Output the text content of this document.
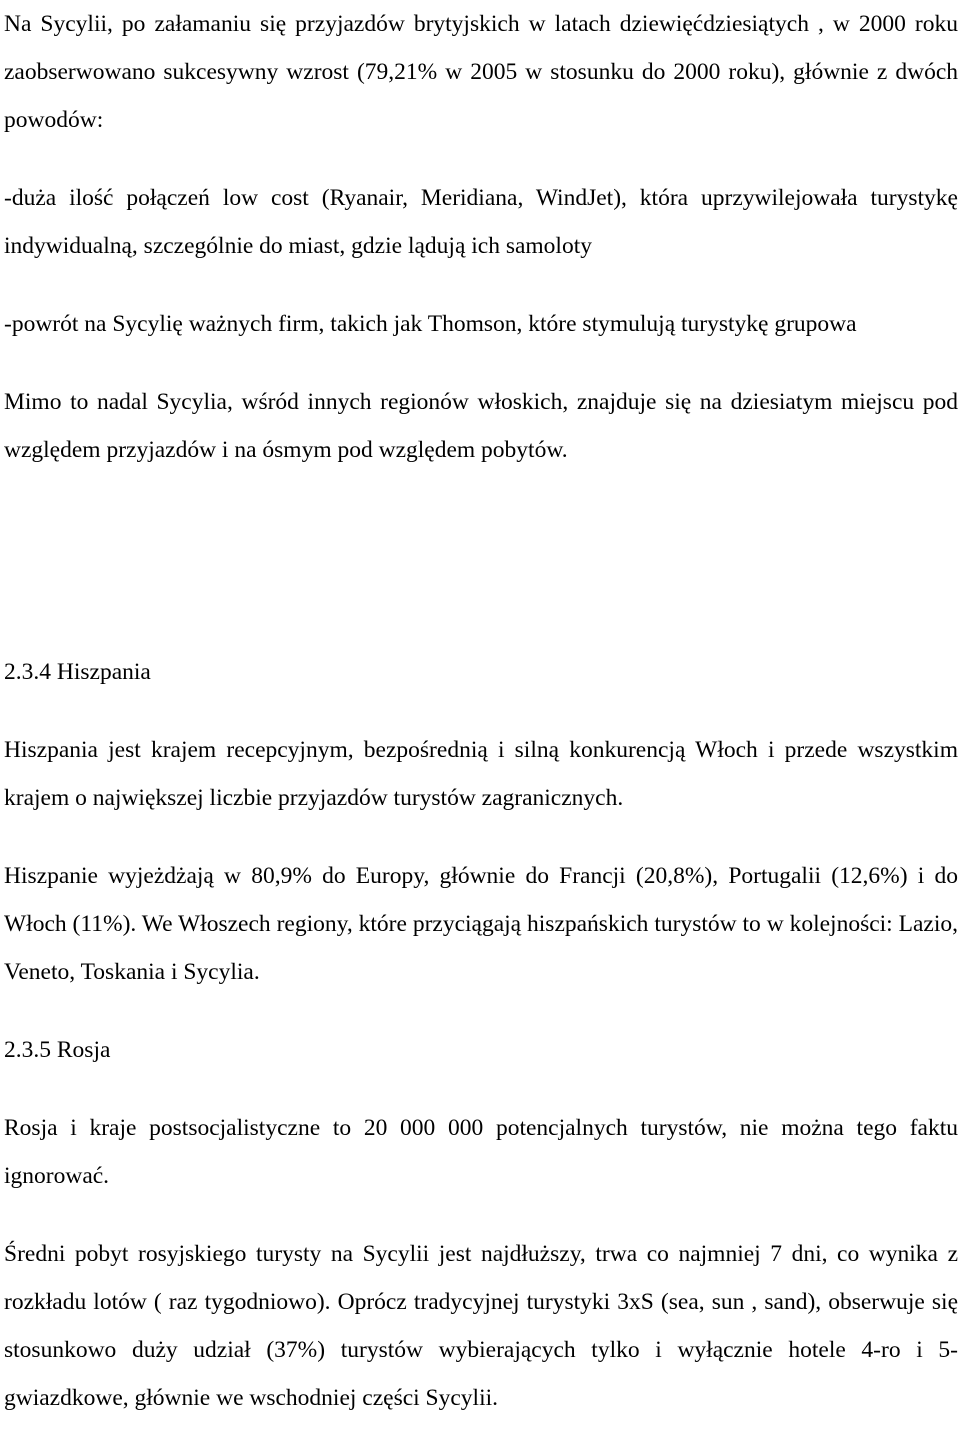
Na Sycylii, po załamaniu się przyjazdów brytyjskich w latach dziewięćdziesiątych , w 2000 roku zaobserwowano sukcesywny wzrost (79,21% w 2005 w stosunku do 2000 roku), głównie z dwóch powodów:

-duża ilość połączeń low cost (Ryanair, Meridiana, WindJet), która uprzywilejowała turystykę indywidualną, szczególnie do miast, gdzie lądują ich samoloty

-powrót na Sycylię ważnych firm, takich jak Thomson, które stymulują turystykę grupowa

Mimo to nadal Sycylia, wśród innych regionów włoskich, znajduje się na dziesiatym miejscu pod względem przyjazdów i na ósmym pod względem pobytów.

2.3.4 Hiszpania

Hiszpania jest krajem recepcyjnym, bezpośrednią i silną konkurencją Włoch i przede wszystkim krajem o największej liczbie przyjazdów turystów zagranicznych.

Hiszpanie wyjeżdżają w 80,9% do Europy, głównie do Francji (20,8%), Portugalii (12,6%) i do Włoch (11%). We Włoszech regiony, które przyciągają hiszpańskich turystów to w kolejności: Lazio, Veneto, Toskania i Sycylia.

2.3.5 Rosja

Rosja i kraje postsocjalistyczne to 20 000 000 potencjalnych turystów, nie można tego faktu ignorować.

Średni pobyt rosyjskiego turysty na Sycylii jest najdłuższy, trwa co najmniej 7 dni, co wynika z rozkładu lotów ( raz tygodniowo). Oprócz tradycyjnej turystyki 3xS (sea, sun , sand), obserwuje się stosunkowo duży udział (37%) turystów wybierających tylko i wyłącznie hotele 4-ro i 5-gwiazdkowe, głównie we wschodniej części Sycylii.
